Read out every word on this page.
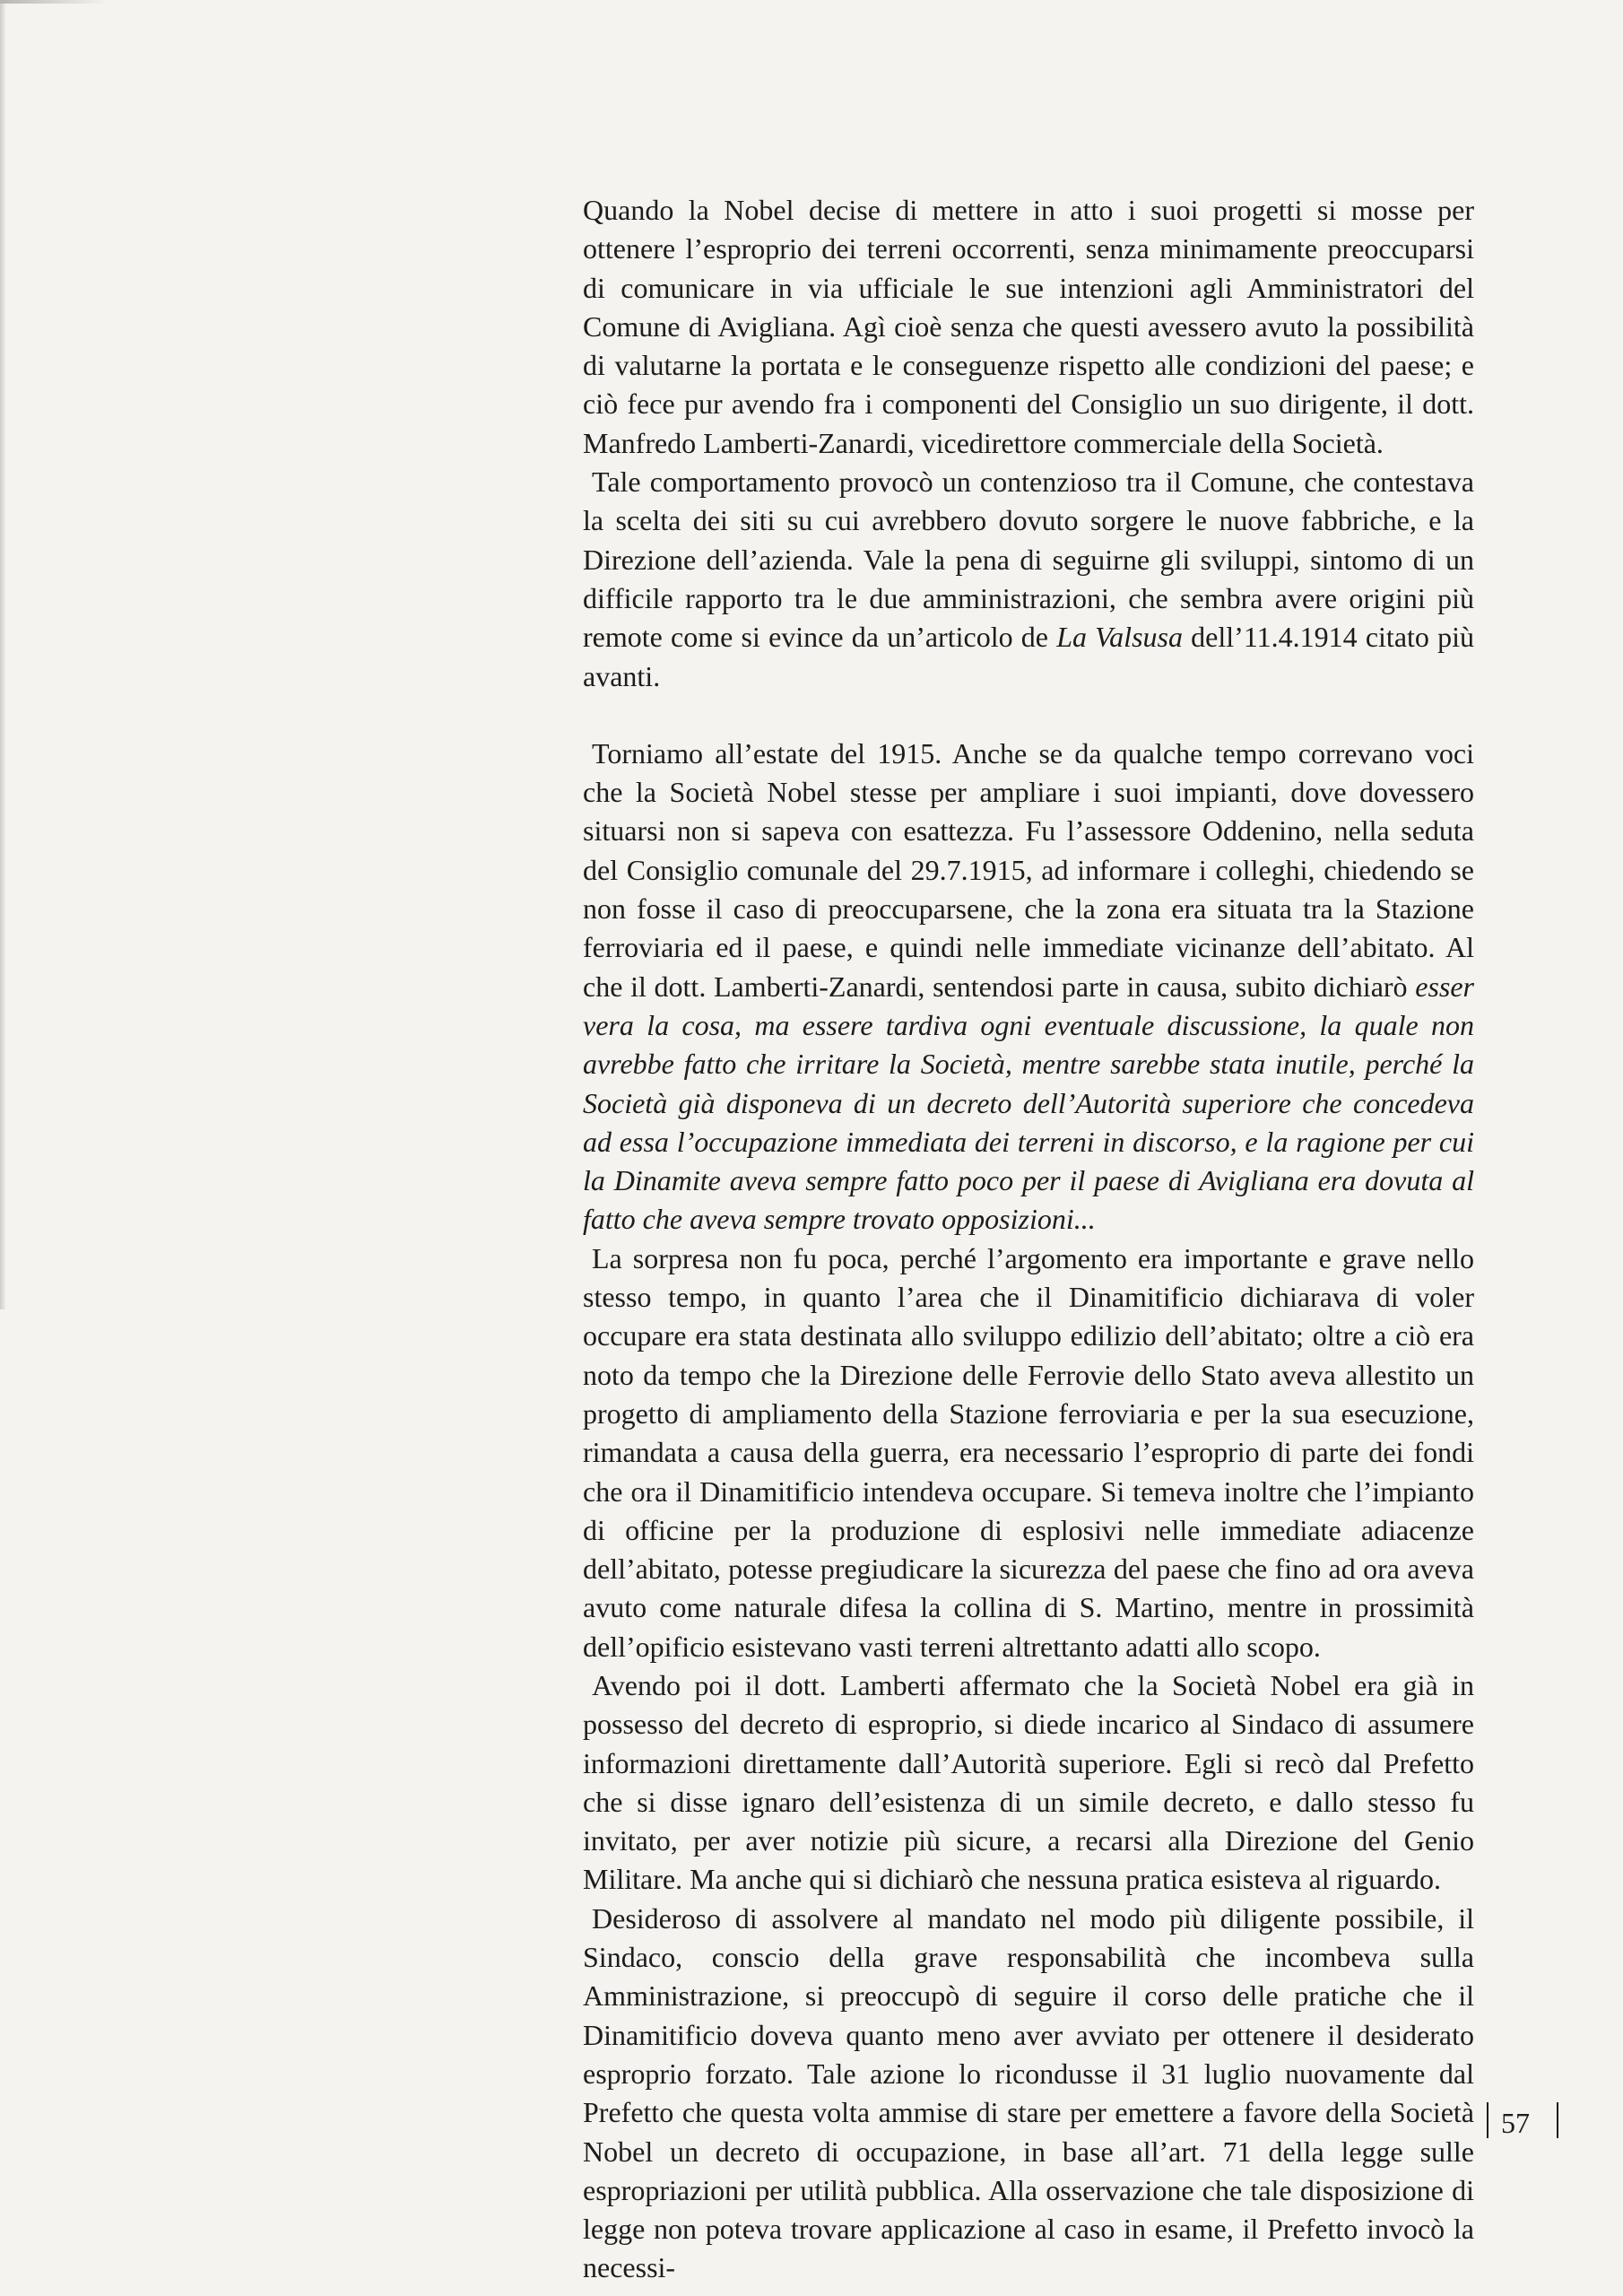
Quando la Nobel decise di mettere in atto i suoi progetti si mosse per ottenere l’esproprio dei terreni occorrenti, senza minimamente preoccuparsi di comunicare in via ufficiale le sue intenzioni agli Amministratori del Comune di Avigliana. Agì cioè senza che questi avessero avuto la possibilità di valutarne la portata e le conseguenze rispetto alle condizioni del paese; e ciò fece pur avendo fra i componenti del Consiglio un suo dirigente, il dott. Manfredo Lamberti-Zanardi, vicedirettore commerciale della Società.

Tale comportamento provocò un contenzioso tra il Comune, che contestava la scelta dei siti su cui avrebbero dovuto sorgere le nuove fabbriche, e la Direzione dell’azienda. Vale la pena di seguirne gli sviluppi, sintomo di un difficile rapporto tra le due amministrazioni, che sembra avere origini più remote come si evince da un’articolo de La Valsusa dell’11.4.1914 citato più avanti.

Torniamo all’estate del 1915. Anche se da qualche tempo correvano voci che la Società Nobel stesse per ampliare i suoi impianti, dove dovessero situarsi non si sapeva con esattezza. Fu l’assessore Oddenino, nella seduta del Consiglio comunale del 29.7.1915, ad informare i colleghi, chiedendo se non fosse il caso di preoccuparsene, che la zona era situata tra la Stazione ferroviaria ed il paese, e quindi nelle immediate vicinanze dell’abitato. Al che il dott. Lamberti-Zanardi, sentendosi parte in causa, subito dichiarò esser vera la cosa, ma essere tardiva ogni eventuale discussione, la quale non avrebbe fatto che irritare la Società, mentre sarebbe stata inutile, perché la Società già disponeva di un decreto dell’Autorità superiore che concedeva ad essa l’occupazione immediata dei terreni in discorso, e la ragione per cui la Dinamite aveva sempre fatto poco per il paese di Avigliana era dovuta al fatto che aveva sempre trovato opposizioni...

La sorpresa non fu poca, perché l’argomento era importante e grave nello stesso tempo, in quanto l’area che il Dinamitificio dichiarava di voler occupare era stata destinata allo sviluppo edilizio dell’abitato; oltre a ciò era noto da tempo che la Direzione delle Ferrovie dello Stato aveva allestito un progetto di ampliamento della Stazione ferroviaria e per la sua esecuzione, rimandata a causa della guerra, era necessario l’esproprio di parte dei fondi che ora il Dinamitificio intendeva occupare. Si temeva inoltre che l’impianto di officine per la produzione di esplosivi nelle immediate adiacenze dell’abitato, potesse pregiudicare la sicurezza del paese che fino ad ora aveva avuto come naturale difesa la collina di S. Martino, mentre in prossimità dell’opificio esistevano vasti terreni altrettanto adatti allo scopo.

Avendo poi il dott. Lamberti affermato che la Società Nobel era già in possesso del decreto di esproprio, si diede incarico al Sindaco di assumere informazioni direttamente dall’Autorità superiore. Egli si recò dal Prefetto che si disse ignaro dell’esistenza di un simile decreto, e dallo stesso fu invitato, per aver notizie più sicure, a recarsi alla Direzione del Genio Militare. Ma anche qui si dichiarò che nessuna pratica esisteva al riguardo.

Desideroso di assolvere al mandato nel modo più diligente possibile, il Sindaco, conscio della grave responsabilità che incombeva sulla Amministrazione, si preoccupò di seguire il corso delle pratiche che il Dinamitificio doveva quanto meno aver avviato per ottenere il desiderato esproprio forzato. Tale azione lo ricondusse il 31 luglio nuovamente dal Prefetto che questa volta ammise di stare per emettere a favore della Società Nobel un decreto di occupazione, in base all’art. 71 della legge sulle espropriazioni per utilità pubblica. Alla osservazione che tale disposizione di legge non poteva trovare applicazione al caso in esame, il Prefetto invocò la necessi-

57
